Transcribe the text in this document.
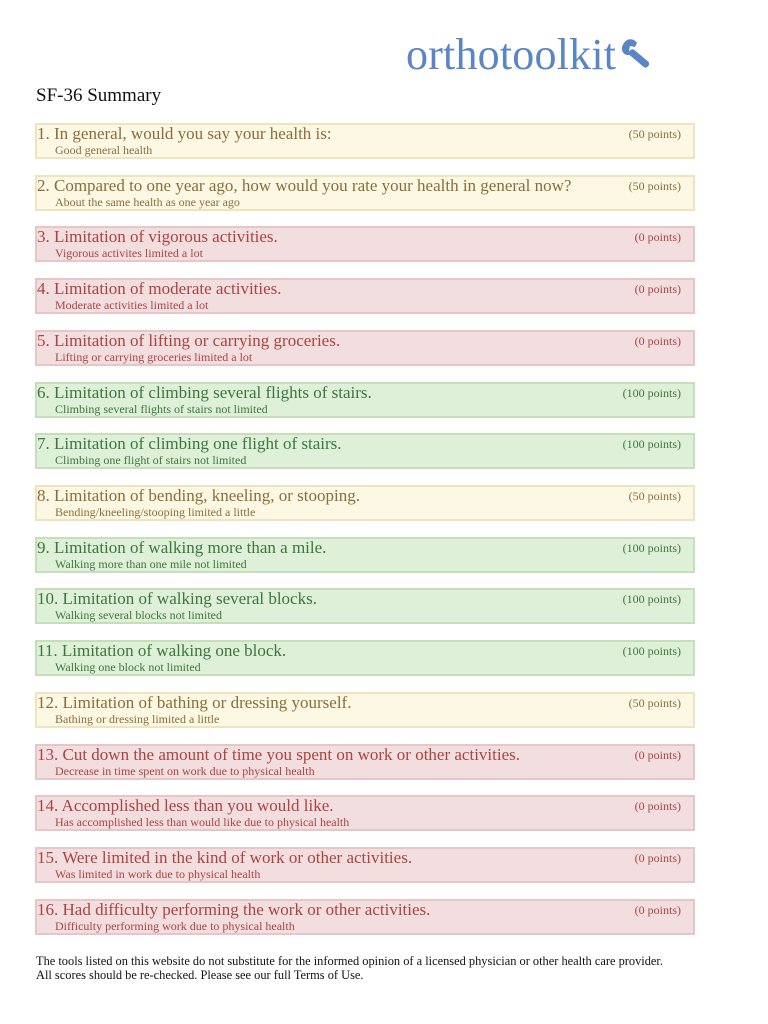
orthotoolkit
SF-36 Summary
1. In general, would you say your health is:
Good general health
(50 points)
2. Compared to one year ago, how would you rate your health in general now?
About the same health as one year ago
(50 points)
3. Limitation of vigorous activities.
Vigorous activites limited a lot
(0 points)
4. Limitation of moderate activities.
Moderate activities limited a lot
(0 points)
5. Limitation of lifting or carrying groceries.
Lifting or carrying groceries limited a lot
(0 points)
6. Limitation of climbing several flights of stairs.
Climbing several flights of stairs not limited
(100 points)
7. Limitation of climbing one flight of stairs.
Climbing one flight of stairs not limited
(100 points)
8. Limitation of bending, kneeling, or stooping.
Bending/kneeling/stooping limited a little
(50 points)
9. Limitation of walking more than a mile.
Walking more than one mile not limited
(100 points)
10. Limitation of walking several blocks.
Walking several blocks not limited
(100 points)
11. Limitation of walking one block.
Walking one block not limited
(100 points)
12. Limitation of bathing or dressing yourself.
Bathing or dressing limited a little
(50 points)
13. Cut down the amount of time you spent on work or other activities.
Decrease in time spent on work due to physical health
(0 points)
14. Accomplished less than you would like.
Has accomplished less than would like due to physical health
(0 points)
15. Were limited in the kind of work or other activities.
Was limited in work due to physical health
(0 points)
16. Had difficulty performing the work or other activities.
Difficulty performing work due to physical health
(0 points)
The tools listed on this website do not substitute for the informed opinion of a licensed physician or other health care provider.
All scores should be re-checked. Please see our full Terms of Use.
